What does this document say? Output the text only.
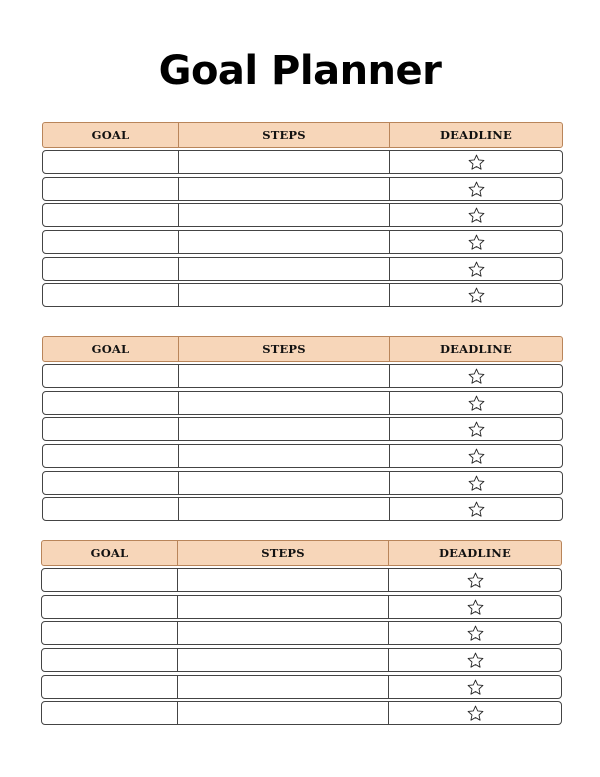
Goal Planner
GOAL	STEPS	DEADLINE
GOAL	STEPS	DEADLINE
GOAL	STEPS	DEADLINE
